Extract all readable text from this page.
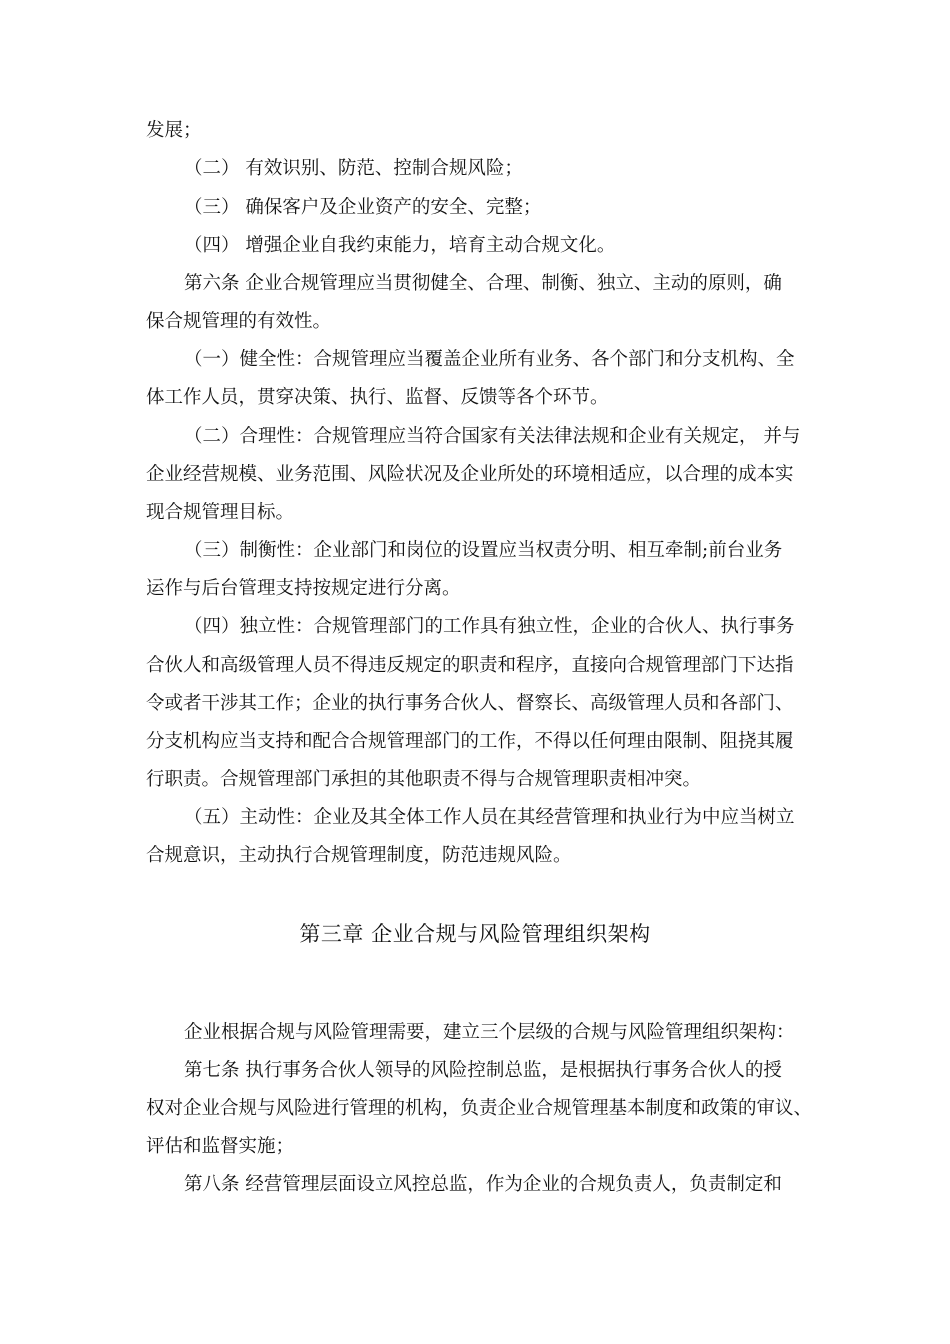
发展；
（二） 有效识别、防范、控制合规风险；
（三） 确保客户及企业资产的安全、完整；
（四） 增强企业自我约束能力，培育主动合规文化。
第六条 企业合规管理应当贯彻健全、合理、制衡、独立、主动的原则，确
保合规管理的有效性。
（一）健全性：合规管理应当覆盖企业所有业务、各个部门和分支机构、全
体工作人员，贯穿决策、执行、监督、反馈等各个环节。
（二）合理性：合规管理应当符合国家有关法律法规和企业有关规定， 并与
企业经营规模、业务范围、风险状况及企业所处的环境相适应，以合理的成本实
现合规管理目标。
（三）制衡性：企业部门和岗位的设置应当权责分明、相互牵制;前台业务
运作与后台管理支持按规定进行分离。
（四）独立性：合规管理部门的工作具有独立性，企业的合伙人、执行事务
合伙人和高级管理人员不得违反规定的职责和程序，直接向合规管理部门下达指
令或者干涉其工作；企业的执行事务合伙人、督察长、高级管理人员和各部门、
分支机构应当支持和配合合规管理部门的工作，不得以任何理由限制、阻挠其履
行职责。合规管理部门承担的其他职责不得与合规管理职责相冲突。
（五）主动性：企业及其全体工作人员在其经营管理和执业行为中应当树立
合规意识，主动执行合规管理制度，防范违规风险。
第三章 企业合规与风险管理组织架构
企业根据合规与风险管理需要，建立三个层级的合规与风险管理组织架构：
第七条 执行事务合伙人领导的风险控制总监，是根据执行事务合伙人的授
权对企业合规与风险进行管理的机构，负责企业合规管理基本制度和政策的审议、
评估和监督实施；
第八条 经营管理层面设立风控总监，作为企业的合规负责人，负责制定和
